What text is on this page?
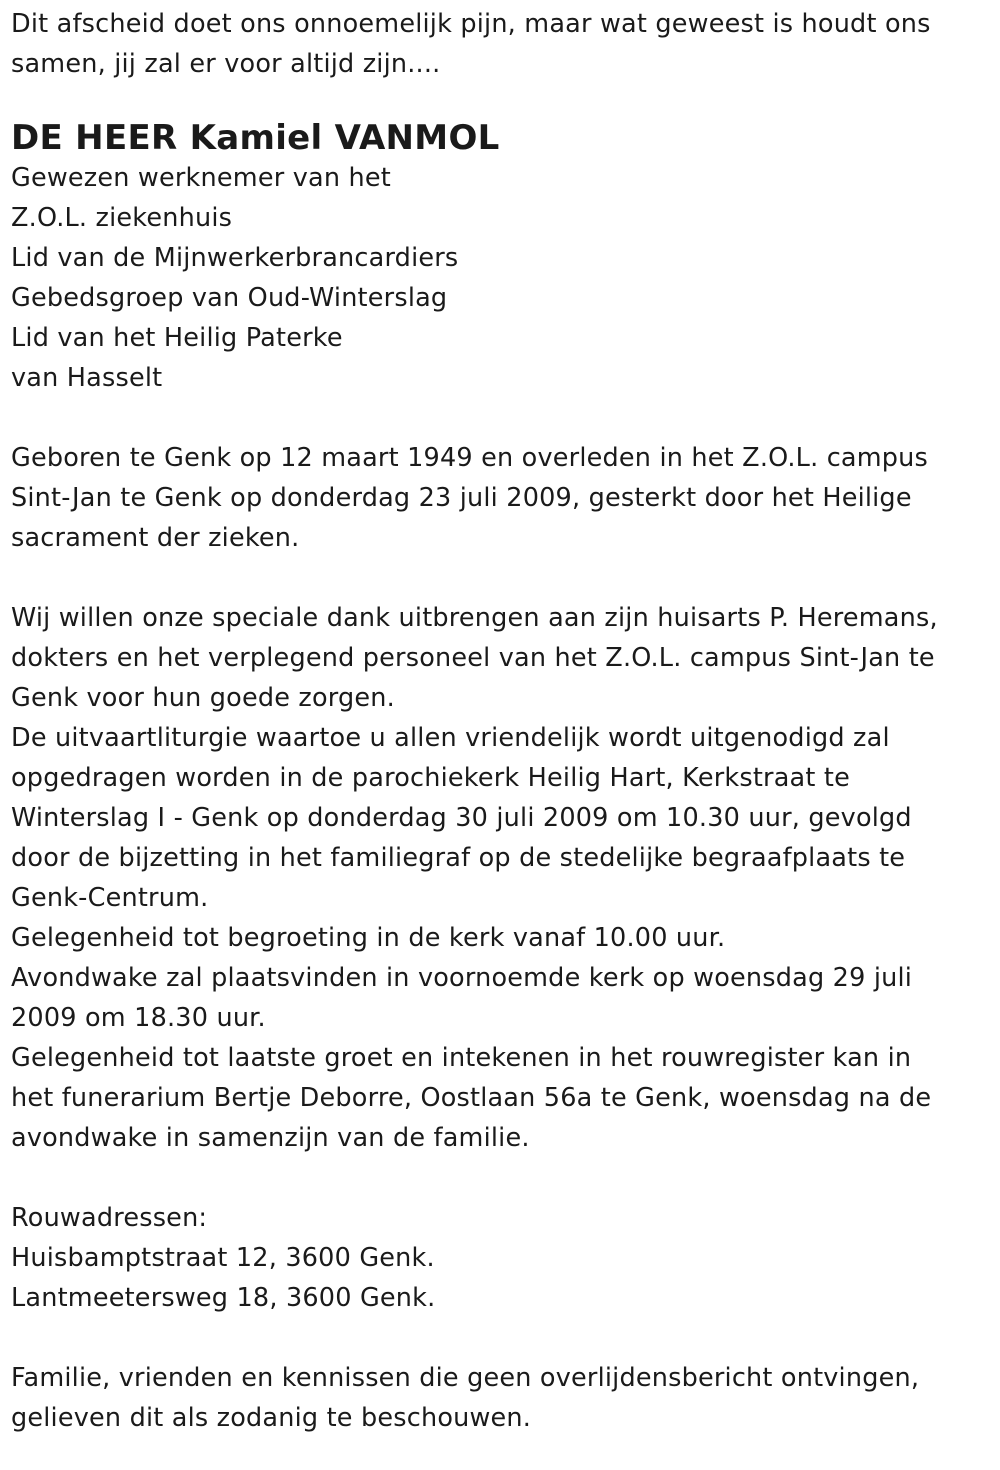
Dit afscheid doet ons onnoemelijk pijn, maar wat geweest is houdt ons
samen, jij zal er voor altijd zijn....
DE HEER Kamiel VANMOL
Gewezen werknemer van het
Z.O.L. ziekenhuis
Lid van de Mijnwerkerbrancardiers
Gebedsgroep van Oud-Winterslag
Lid van het Heilig Paterke
van Hasselt
Geboren te Genk op 12 maart 1949 en overleden in het Z.O.L. campus
Sint-Jan te Genk op donderdag 23 juli 2009, gesterkt door het Heilige
sacrament der zieken.
Wij willen onze speciale dank uitbrengen aan zijn huisarts P. Heremans,
dokters en het verplegend personeel van het Z.O.L. campus Sint-Jan te
Genk voor hun goede zorgen.
De uitvaartliturgie waartoe u allen vriendelijk wordt uitgenodigd zal
opgedragen worden in de parochiekerk Heilig Hart, Kerkstraat te
Winterslag I - Genk op donderdag 30 juli 2009 om 10.30 uur, gevolgd
door de bijzetting in het familiegraf op de stedelijke begraafplaats te
Genk-Centrum.
Gelegenheid tot begroeting in de kerk vanaf 10.00 uur.
Avondwake zal plaatsvinden in voornoemde kerk op woensdag 29 juli
2009 om 18.30 uur.
Gelegenheid tot laatste groet en intekenen in het rouwregister kan in
het funerarium Bertje Deborre, Oostlaan 56a te Genk, woensdag na de
avondwake in samenzijn van de familie.
Rouwadressen:
Huisbamptstraat 12, 3600 Genk.
Lantmeetersweg 18, 3600 Genk.
Familie, vrienden en kennissen die geen overlijdensbericht ontvingen,
gelieven dit als zodanig te beschouwen.
